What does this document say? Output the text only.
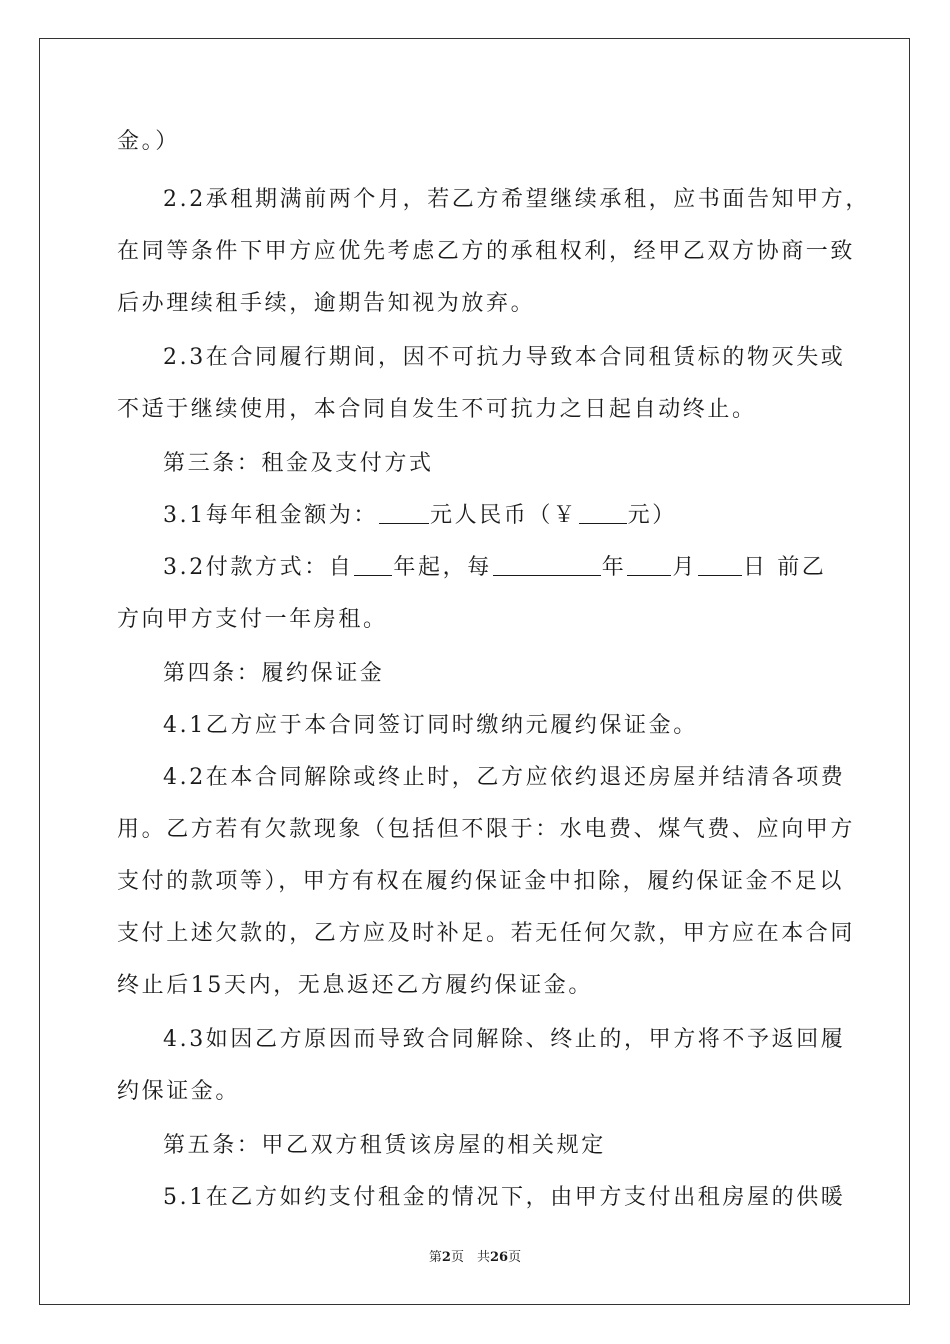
金。）
2.2承租期满前两个月，若乙方希望继续承租，应书面告知甲方，
在同等条件下甲方应优先考虑乙方的承租权利，经甲乙双方协商一致
后办理续租手续，逾期告知视为放弃。
2.3在合同履行期间，因不可抗力导致本合同租赁标的物灭失或
不适于继续使用，本合同自发生不可抗力之日起自动终止。
第三条：租金及支付方式
3.1每年租金额为： 元人民币（￥ 元）
3.2付款方式：自 年起，每	年 月 日 前乙
方向甲方支付一年房租。
第四条：履约保证金
4.1乙方应于本合同签订同时缴纳元履约保证金。
4.2在本合同解除或终止时，乙方应依约退还房屋并结清各项费
用。乙方若有欠款现象（包括但不限于：水电费、煤气费、应向甲方
支付的款项等），甲方有权在履约保证金中扣除，履约保证金不足以
支付上述欠款的，乙方应及时补足。若无任何欠款，甲方应在本合同
终止后15天内，无息返还乙方履约保证金。
4.3如因乙方原因而导致合同解除、终止的，甲方将不予返回履
约保证金。
第五条：甲乙双方租赁该房屋的相关规定
5.1在乙方如约支付租金的情况下，由甲方支付出租房屋的供暖
第2页　共26页
